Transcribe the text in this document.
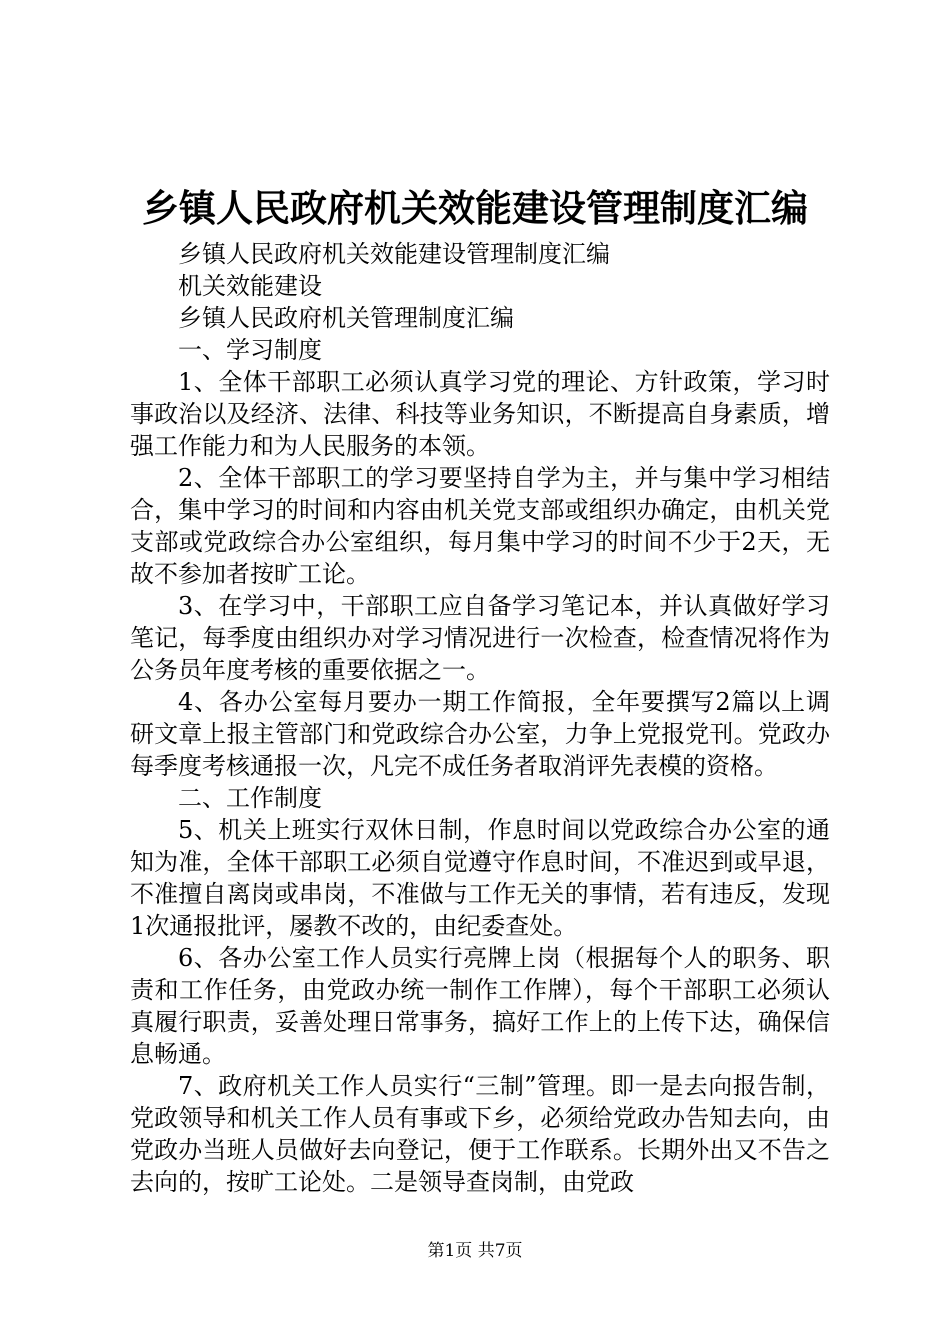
乡镇人民政府机关效能建设管理制度汇编

乡镇人民政府机关效能建设管理制度汇编

机关效能建设

乡镇人民政府机关管理制度汇编

一、学习制度

1、全体干部职工必须认真学习党的理论、方针政策，学习时事政治以及经济、法律、科技等业务知识，不断提高自身素质，增强工作能力和为人民服务的本领。

2、全体干部职工的学习要坚持自学为主，并与集中学习相结合，集中学习的时间和内容由机关党支部或组织办确定，由机关党支部或党政综合办公室组织，每月集中学习的时间不少于2天，无故不参加者按旷工论。

3、在学习中，干部职工应自备学习笔记本，并认真做好学习笔记，每季度由组织办对学习情况进行一次检查，检查情况将作为公务员年度考核的重要依据之一。

4、各办公室每月要办一期工作简报，全年要撰写2篇以上调研文章上报主管部门和党政综合办公室，力争上党报党刊。党政办每季度考核通报一次，凡完不成任务者取消评先表模的资格。

二、工作制度

5、机关上班实行双休日制，作息时间以党政综合办公室的通知为准，全体干部职工必须自觉遵守作息时间，不准迟到或早退，不准擅自离岗或串岗，不准做与工作无关的事情，若有违反，发现1次通报批评，屡教不改的，由纪委查处。

6、各办公室工作人员实行亮牌上岗（根据每个人的职务、职责和工作任务，由党政办统一制作工作牌），每个干部职工必须认真履行职责，妥善处理日常事务，搞好工作上的上传下达，确保信息畅通。

7、政府机关工作人员实行“三制”管理。即一是去向报告制，党政领导和机关工作人员有事或下乡，必须给党政办告知去向，由党政办当班人员做好去向登记，便于工作联系。长期外出又不告之去向的，按旷工论处。二是领导查岗制，由党政

第1页 共7页
